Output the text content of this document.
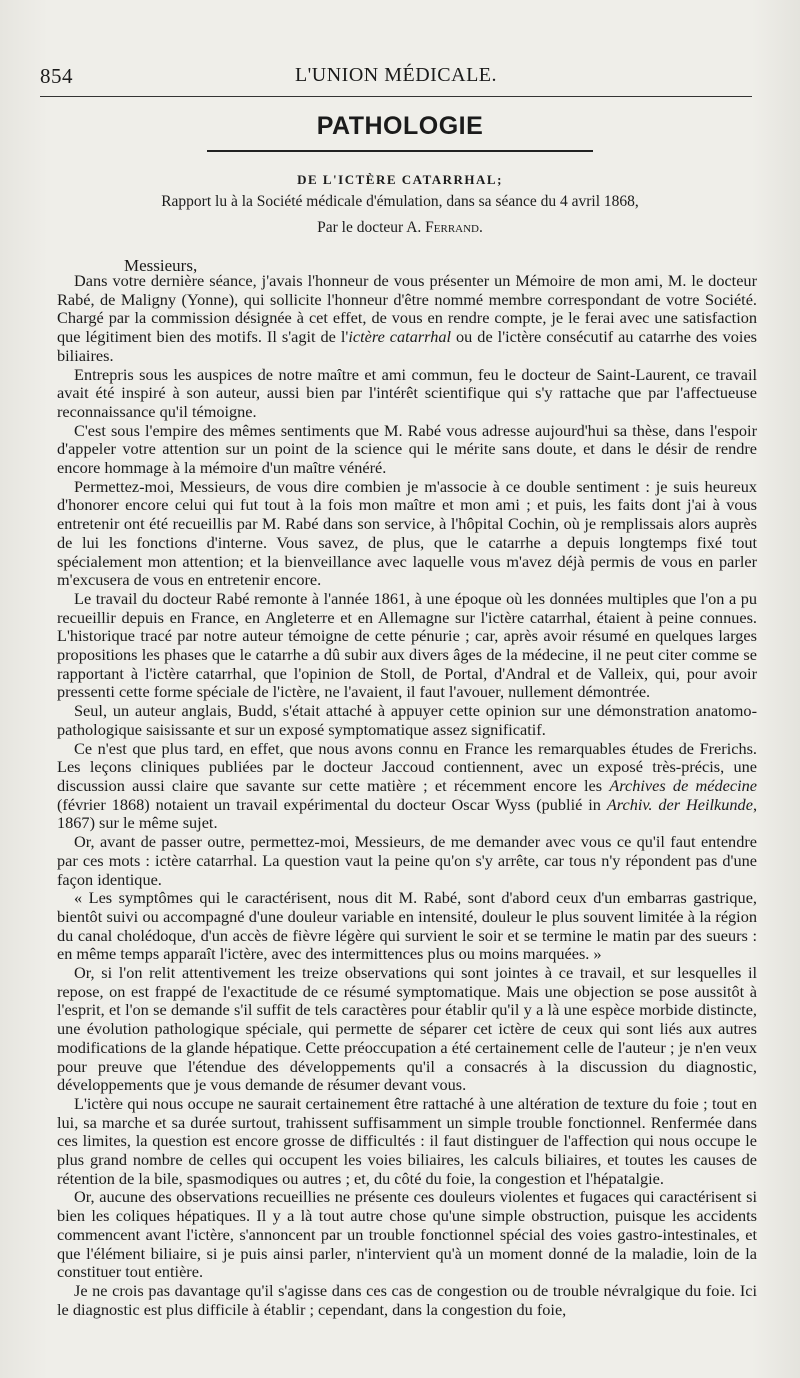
854	L'UNION MÉDICALE.
PATHOLOGIE
DE L'ICTÈRE CATARRHAL;
Rapport lu à la Société médicale d'émulation, dans sa séance du 4 avril 1868,
Par le docteur A. Ferrand.
Messieurs,

Dans votre dernière séance, j'avais l'honneur de vous présenter un Mémoire de mon ami, M. le docteur Rabé, de Maligny (Yonne), qui sollicite l'honneur d'être nommé membre correspondant de votre Société. Chargé par la commission désignée à cet effet, de vous en rendre compte, je le ferai avec une satisfaction que légitiment bien des motifs. Il s'agit de l'ictère catarrhal ou de l'ictère consécutif au catarrhe des voies biliaires.

Entrepris sous les auspices de notre maître et ami commun, feu le docteur de Saint-Laurent, ce travail avait été inspiré à son auteur, aussi bien par l'intérêt scientifique qui s'y rattache que par l'affectueuse reconnaissance qu'il témoigne.

C'est sous l'empire des mêmes sentiments que M. Rabé vous adresse aujourd'hui sa thèse, dans l'espoir d'appeler votre attention sur un point de la science qui le mérite sans doute, et dans le désir de rendre encore hommage à la mémoire d'un maître vénéré.

Permettez-moi, Messieurs, de vous dire combien je m'associe à ce double sentiment : je suis heureux d'honorer encore celui qui fut tout à la fois mon maître et mon ami ; et puis, les faits dont j'ai à vous entretenir ont été recueillis par M. Rabé dans son service, à l'hôpital Cochin, où je remplissais alors auprès de lui les fonctions d'interne. Vous savez, de plus, que le catarrhe a depuis longtemps fixé tout spécialement mon attention; et la bienveillance avec laquelle vous m'avez déjà permis de vous en parler m'excusera de vous en entretenir encore.

Le travail du docteur Rabé remonte à l'année 1861, à une époque où les données multiples que l'on a pu recueillir depuis en France, en Angleterre et en Allemagne sur l'ictère catarrhal, étaient à peine connues. L'historique tracé par notre auteur témoigne de cette pénurie ; car, après avoir résumé en quelques larges propositions les phases que le catarrhe a dû subir aux divers âges de la médecine, il ne peut citer comme se rapportant à l'ictère catarrhal, que l'opinion de Stoll, de Portal, d'Andral et de Valleix, qui, pour avoir pressenti cette forme spéciale de l'ictère, ne l'avaient, il faut l'avouer, nullement démontrée.

Seul, un auteur anglais, Budd, s'était attaché à appuyer cette opinion sur une démonstration anatomo-pathologique saisissante et sur un exposé symptomatique assez significatif.

Ce n'est que plus tard, en effet, que nous avons connu en France les remarquables études de Frerichs. Les leçons cliniques publiées par le docteur Jaccoud contiennent, avec un exposé très-précis, une discussion aussi claire que savante sur cette matière ; et récemment encore les Archives de médecine (février 1868) notaient un travail expérimental du docteur Oscar Wyss (publié in Archiv. der Heilkunde, 1867) sur le même sujet.

Or, avant de passer outre, permettez-moi, Messieurs, de me demander avec vous ce qu'il faut entendre par ces mots : ictère catarrhal. La question vaut la peine qu'on s'y arrête, car tous n'y répondent pas d'une façon identique.

« Les symptômes qui le caractérisent, nous dit M. Rabé, sont d'abord ceux d'un embarras gastrique, bientôt suivi ou accompagné d'une douleur variable en intensité, douleur le plus souvent limitée à la région du canal cholédoque, d'un accès de fièvre légère qui survient le soir et se termine le matin par des sueurs : en même temps apparaît l'ictère, avec des intermittences plus ou moins marquées. »

Or, si l'on relit attentivement les treize observations qui sont jointes à ce travail, et sur lesquelles il repose, on est frappé de l'exactitude de ce résumé symptomatique. Mais une objection se pose aussitôt à l'esprit, et l'on se demande s'il suffit de tels caractères pour établir qu'il y a là une espèce morbide distincte, une évolution pathologique spéciale, qui permette de séparer cet ictère de ceux qui sont liés aux autres modifications de la glande hépatique. Cette préoccupation a été certainement celle de l'auteur ; je n'en veux pour preuve que l'étendue des développements qu'il a consacrés à la discussion du diagnostic, développements que je vous demande de résumer devant vous.

L'ictère qui nous occupe ne saurait certainement être rattaché à une altération de texture du foie ; tout en lui, sa marche et sa durée surtout, trahissent suffisamment un simple trouble fonctionnel. Renfermée dans ces limites, la question est encore grosse de difficultés : il faut distinguer de l'affection qui nous occupe le plus grand nombre de celles qui occupent les voies biliaires, les calculs biliaires, et toutes les causes de rétention de la bile, spasmodiques ou autres ; et, du côté du foie, la congestion et l'hépatalgie.

Or, aucune des observations recueillies ne présente ces douleurs violentes et fugaces qui caractérisent si bien les coliques hépatiques. Il y a là tout autre chose qu'une simple obstruction, puisque les accidents commencent avant l'ictère, s'annoncent par un trouble fonctionnel spécial des voies gastro-intestinales, et que l'élément biliaire, si je puis ainsi parler, n'intervient qu'à un moment donné de la maladie, loin de la constituer tout entière.

Je ne crois pas davantage qu'il s'agisse dans ces cas de congestion ou de trouble névralgique du foie. Ici le diagnostic est plus difficile à établir ; cependant, dans la congestion du foie,
